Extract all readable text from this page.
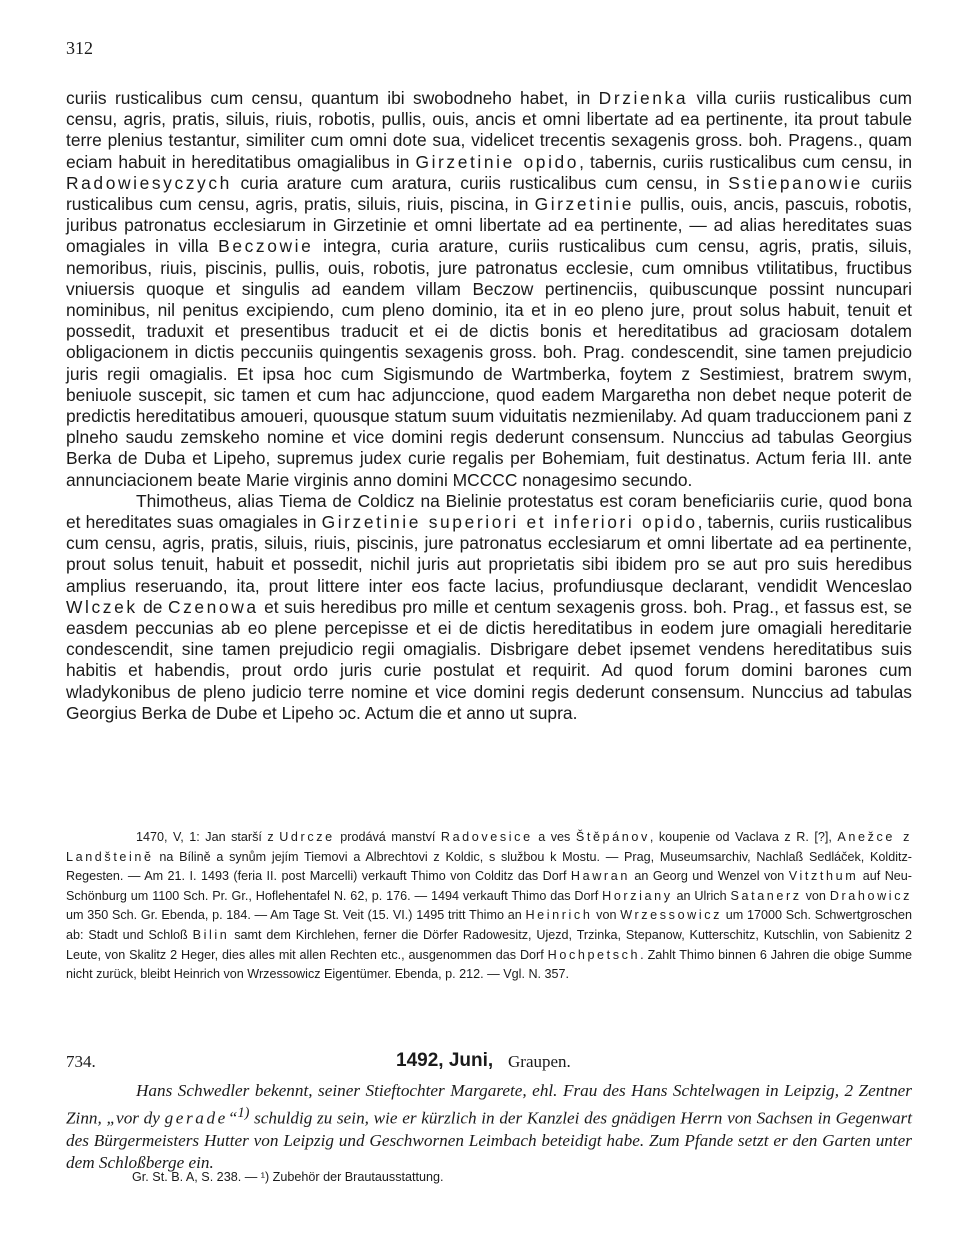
312

curiis rusticalibus cum censu, quantum ibi swobodneho habet, in Drzienka villa curiis rusticalibus cum censu, agris, pratis, siluis, riuis, robotis, pullis, ouis, ancis et omni libertate ad ea pertinente, ita prout tabule terre plenius testantur, similiter cum omni dote sua, videlicet trecentis sexagenis gross. boh. Pragens., quam eciam habuit in hereditatibus omagialibus in Girzetinie opido, tabernis, curiis rusticalibus cum censu, in Radowiesyczych curia arature cum aratura, curiis rusticalibus cum censu, in Sstiepanowie curiis rusticalibus cum censu, agris, pratis, siluis, riuis, piscina, in Girzetinie pullis, ouis, ancis, pascuis, robotis, juribus patronatus ecclesiarum in Girzetinie et omni libertate ad ea pertinente, — ad alias hereditates suas omagiales in villa Beczowie integra, curia arature, curiis rusticalibus cum censu, agris, pratis, siluis, nemoribus, riuis, piscinis, pullis, ouis, robotis, jure patronatus ecclesie, cum omnibus vtilitatibus, fructibus vniuersis quoque et singulis ad eandem villam Beczow pertinenciis, quibuscunque possint nuncupari nominibus, nil penitus excipiendo, cum pleno dominio, ita et in eo pleno jure, prout solus habuit, tenuit et possedit, traduxit et presentibus traducit et ei de dictis bonis et hereditatibus ad graciosam dotalem obligacionem in dictis peccuniis quingentis sexagenis gross. boh. Prag. condescendit, sine tamen prejudicio juris regii omagialis. Et ipsa hoc cum Sigismundo de Wartmberka, foytem z Sestimiest, bratrem swym, beniuole suscepit, sic tamen et cum hac adjunccione, quod eadem Margaretha non debet neque poterit de predictis hereditatibus amoueri, quousque statum suum viduitatis nezmienilaby. Ad quam traduccionem pani z plneho saudu zemskeho nomine et vice domini regis dederunt consensum. Nunccius ad tabulas Georgius Berka de Duba et Lipeho, supremus judex curie regalis per Bohemiam, fuit destinatus. Actum feria III. ante annunciacionem beate Marie virginis anno domini MCCCC nonagesimo secundo.

Thimotheus, alias Tiema de Coldicz na Bielinie protestatus est coram beneficiariis curie, quod bona et hereditates suas omagiales in Girzetinie superiori et inferiori opido, tabernis, curiis rusticalibus cum censu, agris, pratis, siluis, riuis, piscinis, jure patronatus ecclesiarum et omni libertate ad ea pertinente, prout solus tenuit, habuit et possedit, nichil juris aut proprietatis sibi ibidem pro se aut pro suis heredibus amplius reseruando, ita, prout littere inter eos facte lacius, profundiusque declarant, vendidit Wenceslao Wlczek de Czenowa et suis heredibus pro mille et centum sexagenis gross. boh. Prag., et fassus est, se easdem peccunias ab eo plene percepisse et ei de dictis hereditatibus in eodem jure omagiali hereditarie condescendit, sine tamen prejudicio regii omagialis. Disbrigare debet ipsemet vendens hereditatibus suis habitis et habendis, prout ordo juris curie postulat et requirit. Ad quod forum domini barones cum wladykonibus de pleno judicio terre nomine et vice domini regis dederunt consensum. Nunccius ad tabulas Georgius Berka de Dube et Lipeho ɔc. Actum die et anno ut supra.

1470, V, 1: Jan starší z Udrcze prodává manství Radovesice a ves Štěpánov, koupenie od Vaclava z R. [?], Anežce z Landšteinĕ na Bílině a synům jejím Tiemovi a Albrechtovi z Koldic, s službou k Mostu. — Prag, Museumsarchiv, Nachlaß Sedláček, Kolditz-Regesten. — Am 21. I. 1493 (feria II. post Marcelli) verkauft Thimo von Colditz das Dorf Hawran an Georg und Wenzel von Vitzthum auf Neu-Schönburg um 1100 Sch. Pr. Gr., Hoflehentafel N. 62, p. 176. — 1494 verkauft Thimo das Dorf Horziany an Ulrich Satanerz von Drahowicz um 350 Sch. Gr. Ebenda, p. 184. — Am Tage St. Veit (15. VI.) 1495 tritt Thimo an Heinrich von Wrzessowicz um 17000 Sch. Schwertgroschen ab: Stadt und Schloß Bilin samt dem Kirchlehen, ferner die Dörfer Radowesitz, Ujezd, Trzinka, Stepanow, Kutterschitz, Kutschlin, von Sabienitz 2 Leute, von Skalitz 2 Heger, dies alles mit allen Rechten etc., ausgenommen das Dorf Hochpetsch. Zahlt Thimo binnen 6 Jahren die obige Summe nicht zurück, bleibt Heinrich von Wrzessowicz Eigentümer. Ebenda, p. 212. — Vgl. N. 357.

734.	1492, Juni, Graupen.

Hans Schwedler bekennt, seiner Stieftochter Margarete, ehl. Frau des Hans Schtelwagen in Leipzig, 2 Zentner Zinn, „vor dy gerade“$^{1)}$ schuldig zu sein, wie er kürzlich in der Kanzlei des gnädigen Herrn von Sachsen in Gegenwart des Bürgermeisters Hutter von Leipzig und Geschwornen Leimbach beteidigt habe. Zum Pfande setzt er den Garten unter dem Schloßberge ein.

Gr. St. B. A, S. 238. — ¹) Zubehör der Brautausstattung.
